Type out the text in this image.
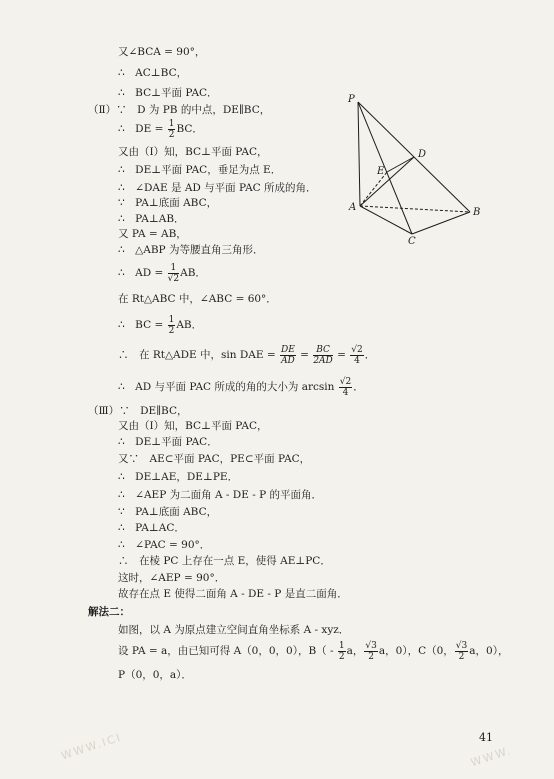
WWW.ICI	WWW.
又∠BCA = 90°，
∴　AC⊥BC，
∴　BC⊥平面 PAC．
（Ⅱ）∵　D 为 PB 的中点，DE∥BC，
∴　DE = $\frac{1}{2}$ BC．
又由（Ⅰ）知，BC⊥平面 PAC，
∴　DE⊥平面 PAC，垂足为点 E．
∴　∠DAE 是 AD 与平面 PAC 所成的角．
∵　PA⊥底面 ABC，
∴　PA⊥AB．
又 PA = AB，
∴　△ABP 为等腰直角三角形．
∴　AD = $\frac{1}{√2}$ AB．
在 Rt△ABC 中，∠ABC = 60°．
∴　BC = $\frac{1}{2}$ AB．
∴　在 Rt△ADE 中，sin DAE = $\frac{DE}{AD} = \frac{BC}{2AD} = \frac{√2}{4}$ ．
∴　AD 与平面 PAC 所成的角的大小为 $\arcsin \frac{√2}{4}$ ．
（Ⅲ）∵　DE∥BC，
又由（Ⅰ）知，BC⊥平面 PAC，
∴　DE⊥平面 PAC．
又∵　AE⊂平面 PAC，PE⊂平面 PAC，
∴　DE⊥AE，DE⊥PE．
∴　∠AEP 为二面角 A - DE - P 的平面角．
∵　PA⊥底面 ABC，
∴　PA⊥AC．
∴　∠PAC = 90°．
∴　在棱 PC 上存在一点 E，使得 AE⊥PC．
这时，∠AEP = 90°．
故存在点 E 使得二面角 A - DE - P 是直二面角．
解法二：
如图，以 A 为原点建立空间直角坐标系 A - xyz．
设 PA = a，由已知可得 A（0，0，0），$B( - \frac{1}{2}$ a， $\frac{√3}{2}$ a，0），C（0， $\frac{√3}{2}$ a，0），
P（0，0，a）．
P
D
E
A	B
C
41
